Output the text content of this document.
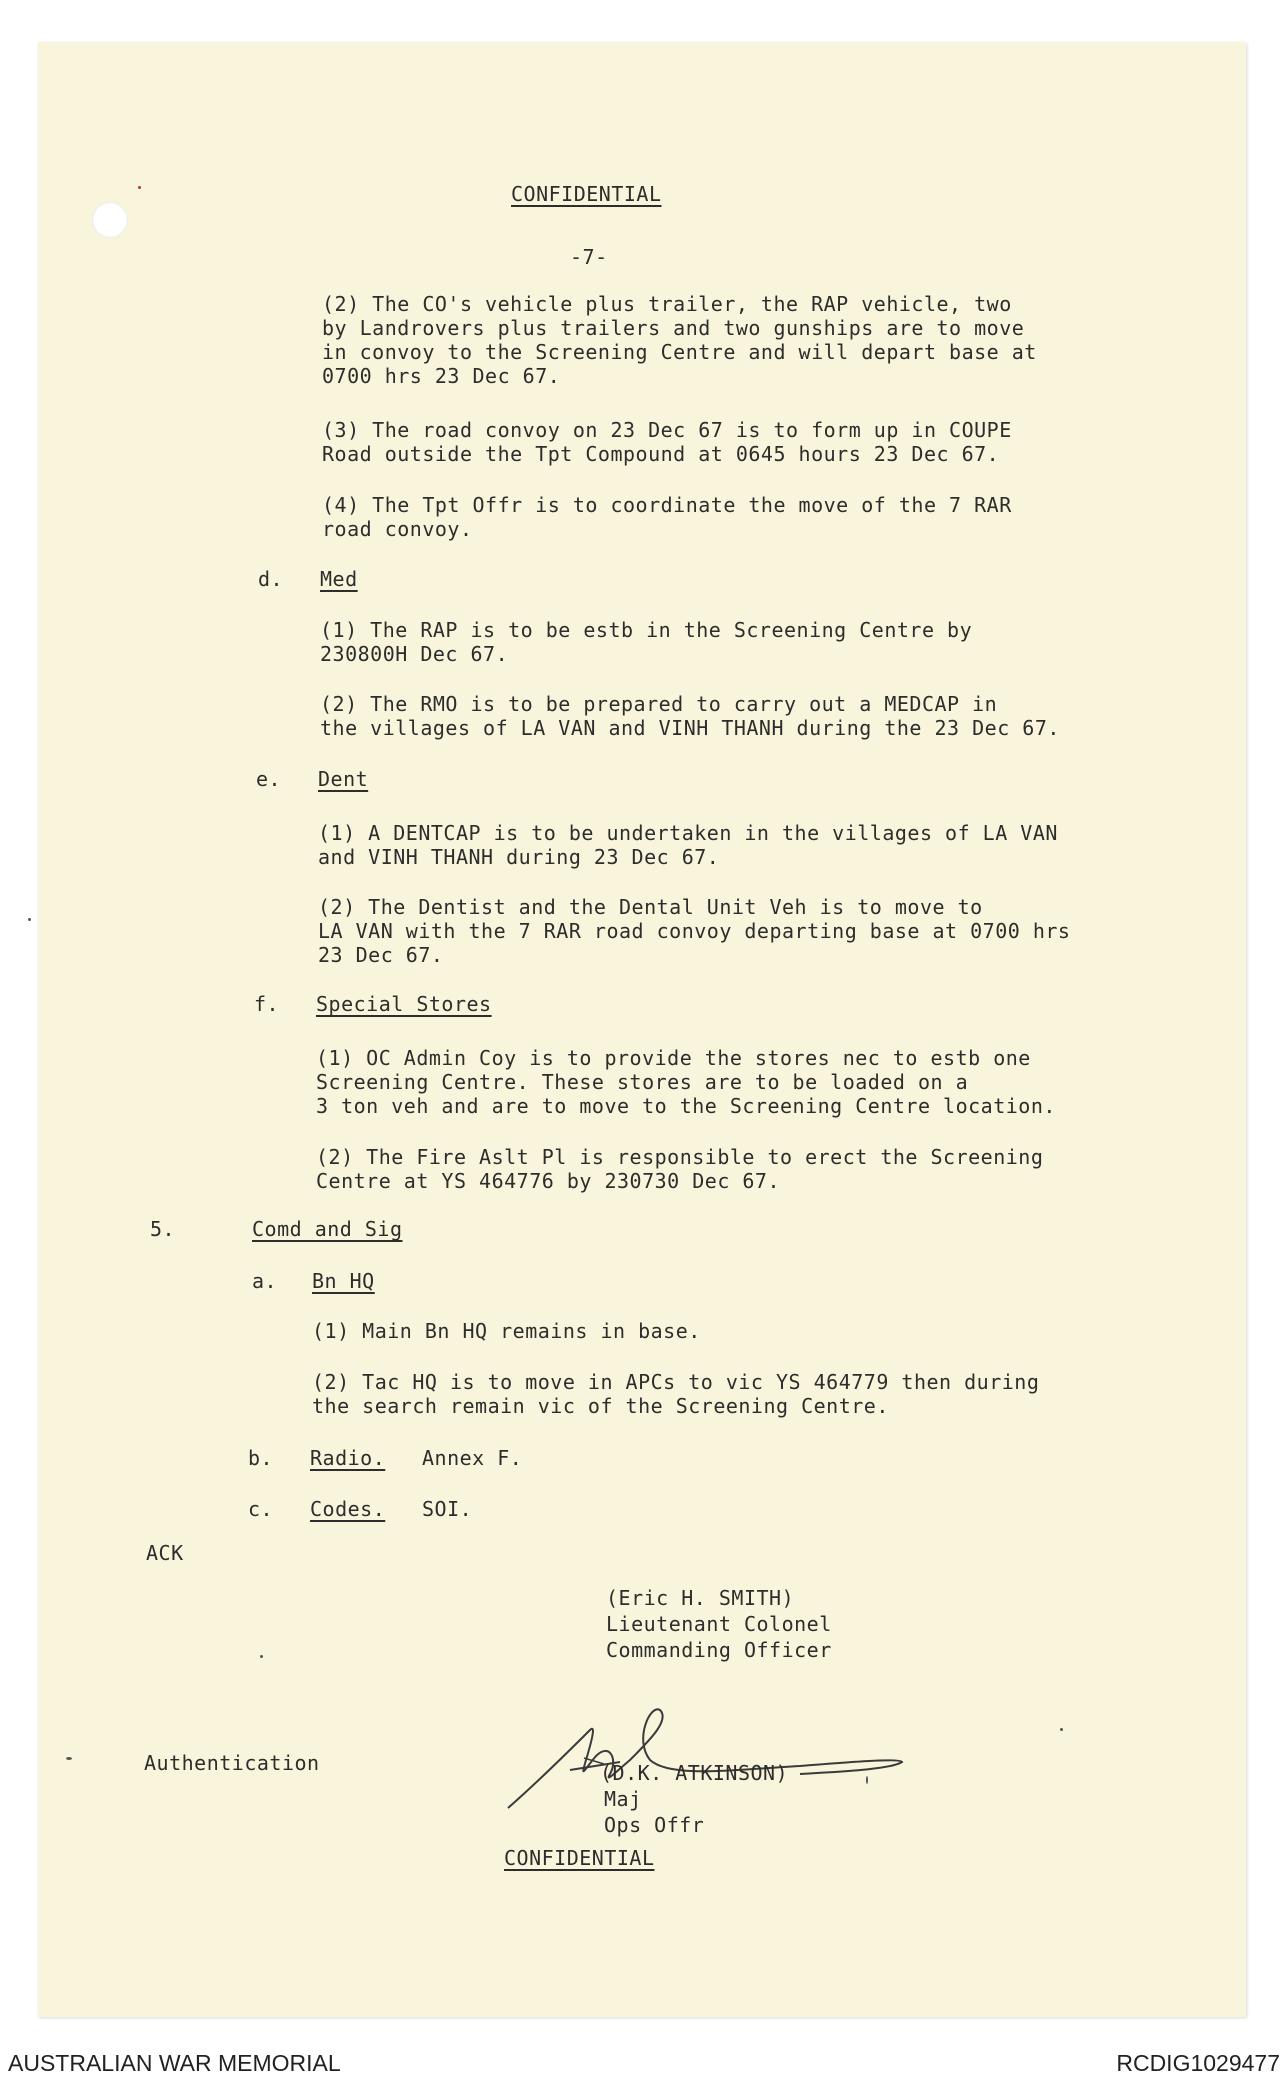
CONFIDENTIAL
-7-
(2) The CO's vehicle plus trailer, the RAP vehicle, two
by Landrovers plus trailers and two gunships are to move
in convoy to the Screening Centre and will depart base at
0700 hrs 23 Dec 67.
(3) The road convoy on 23 Dec 67 is to form up in COUPE
Road outside the Tpt Compound at 0645 hours 23 Dec 67.
(4) The Tpt Offr is to coordinate the move of the 7 RAR
road convoy.
d. Med
(1) The RAP is to be estb in the Screening Centre by
230800H Dec 67.
(2) The RMO is to be prepared to carry out a MEDCAP in
the villages of LA VAN and VINH THANH during the 23 Dec 67.
e. Dent
(1) A DENTCAP is to be undertaken in the villages of LA VAN
and VINH THANH during 23 Dec 67.
(2) The Dentist and the Dental Unit Veh is to move to
LA VAN with the 7 RAR road convoy departing base at 0700 hrs
23 Dec 67.
f. Special Stores
(1) OC Admin Coy is to provide the stores nec to estb one
Screening Centre. These stores are to be loaded on a
3 ton veh and are to move to the Screening Centre location.
(2) The Fire Aslt Pl is responsible to erect the Screening
Centre at YS 464776 by 230730 Dec 67.
5.	Comd and Sig
a. Bn HQ
(1) Main Bn HQ remains in base.
(2) Tac HQ is to move in APCs to vic YS 464779 then during
the search remain vic of the Screening Centre.
b. Radio. Annex F.
c. Codes. SOI.
ACK
(Eric H. SMITH)
Lieutenant Colonel
Commanding Officer
Authentication	(D.K. ATKINSON)
Maj
Ops Offr
CONFIDENTIAL
AUSTRALIAN WAR MEMORIAL	RCDIG1029477
